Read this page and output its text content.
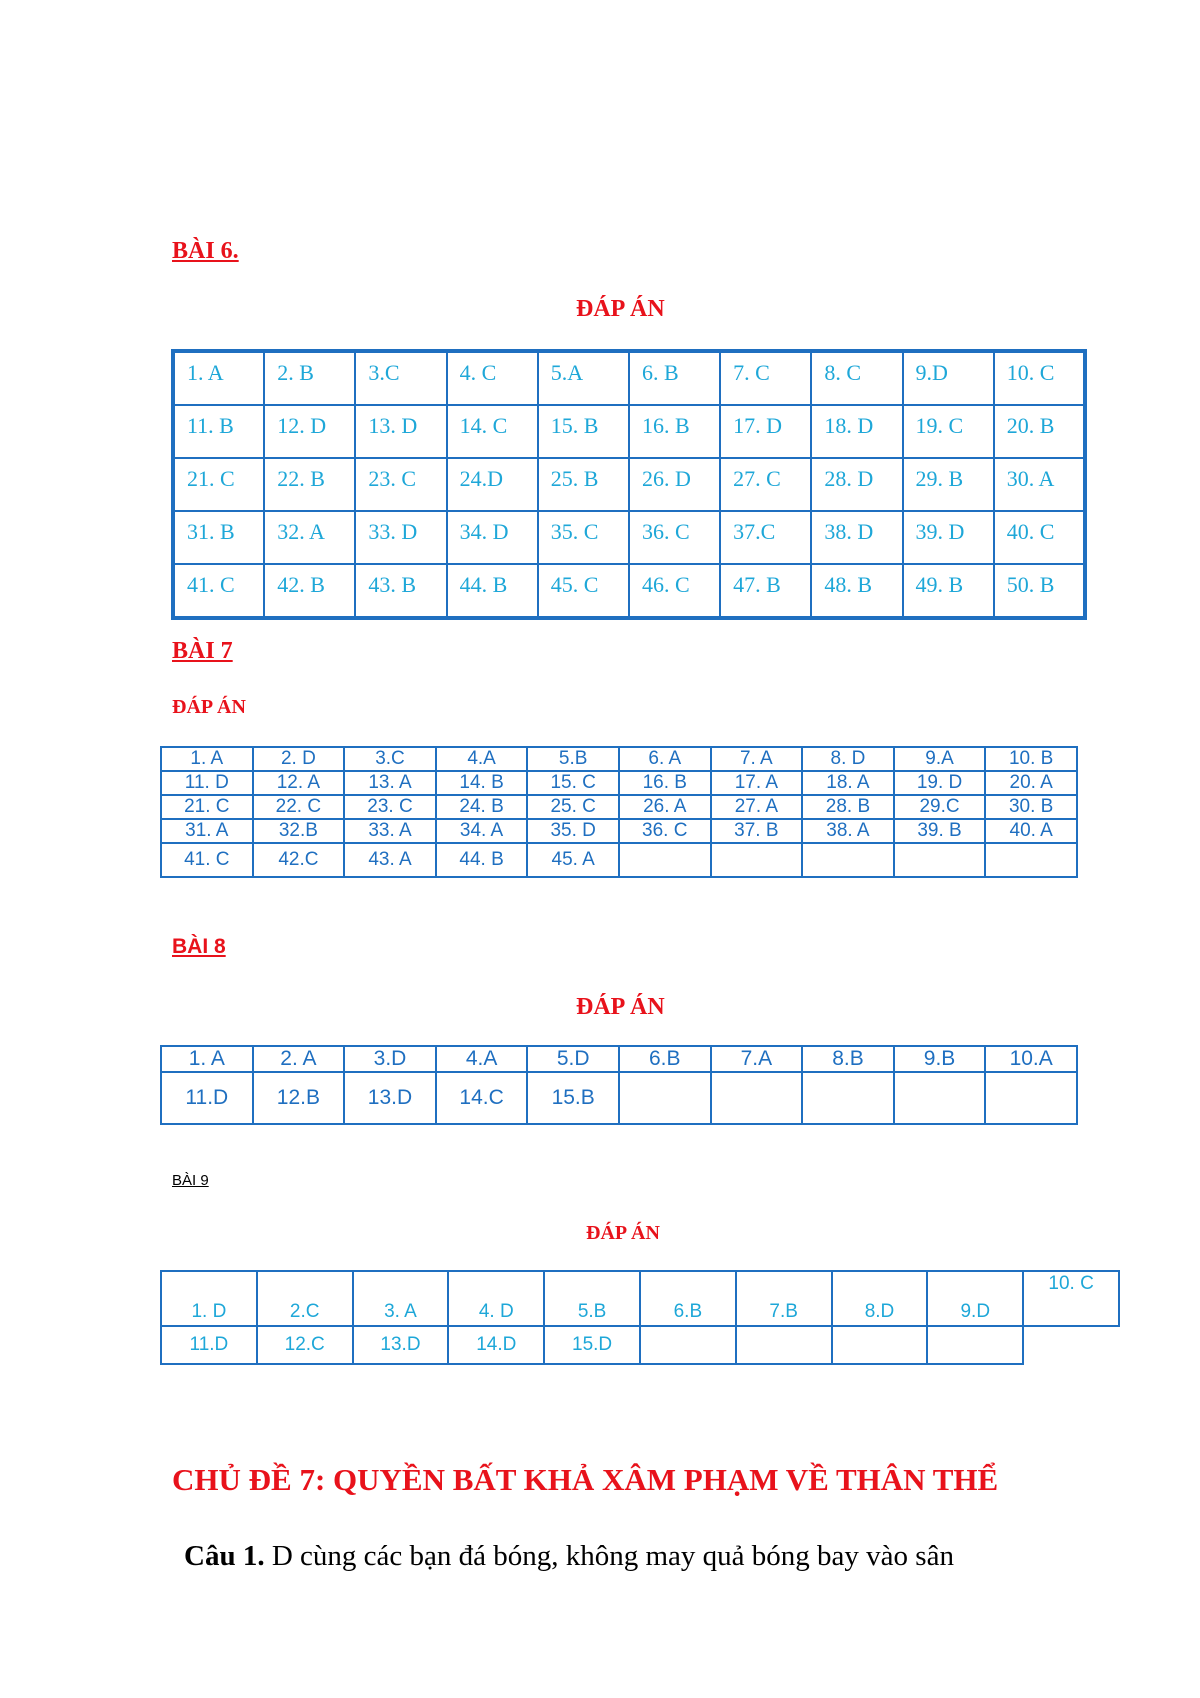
BÀI 6.
ĐÁP ÁN
1. A	2. B	3.C	4. C	5.A	6. B	7. C	8. C	9.D	10. C
11. B	12. D	13. D	14. C	15. B	16. B	17. D	18. D	19. C	20. B
21. C	22. B	23. C	24.D	25. B	26. D	27. C	28. D	29. B	30. A
31. B	32. A	33. D	34. D	35. C	36. C	37.C	38. D	39. D	40. C
41. C	42. B	43. B	44. B	45. C	46. C	47. B	48. B	49. B	50. B
BÀI 7
ĐÁP ÁN
1. A	2. D	3.C	4.A	5.B	6. A	7. A	8. D	9.A	10. B
11. D	12. A	13. A	14. B	15. C	16. B	17. A	18. A	19. D	20. A
21. C	22. C	23. C	24. B	25. C	26. A	27. A	28. B	29.C	30. B
31. A	32.B	33. A	34. A	35. D	36. C	37. B	38. A	39. B	40. A
41. C	42.C	43. A	44. B	45. A					
BÀI 8
ĐÁP ÁN
1. A	2. A	3.D	4.A	5.D	6.B	7.A	8.B	9.B	10.A
11.D	12.B	13.D	14.C	15.B					
BÀI 9
ĐÁP ÁN
1. D	2.C	3. A	4. D	5.B	6.B	7.B	8.D	9.D	10. C
11.D	12.C	13.D	14.D	15.D					
CHỦ ĐỀ 7: QUYỀN BẤT KHẢ XÂM PHẠM VỀ THÂN THỂ

Câu 1. D cùng các bạn đá bóng, không may quả bóng bay vào sân
